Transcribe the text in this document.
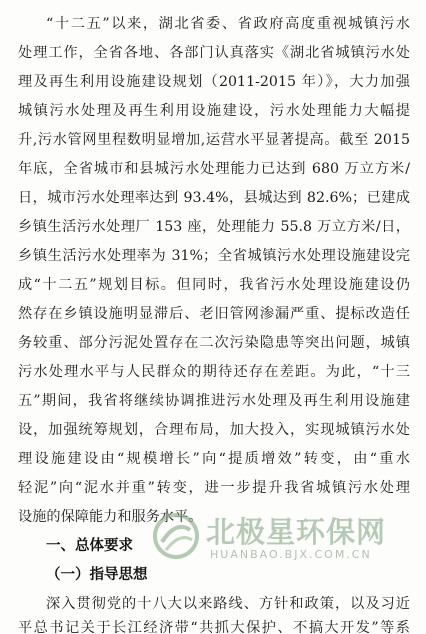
“十二五”以来，湖北省委、省政府高度重视城镇污水
处理工作，全省各地、各部门认真落实《湖北省城镇污水处
理及再生利用设施建设规划（2011-2015 年）》，大力加强
城镇污水处理及再生利用设施建设，污水处理能力大幅提
升,污水管网里程数明显增加,运营水平显著提高。截至 2015
年底，全省城市和县城污水处理能力已达到 680 万立方米/
日，城市污水处理率达到 93.4%，县城达到 82.6%；已建成
乡镇生活污水处理厂 153 座，处理能力 55.8 万立方米/日，
乡镇生活污水处理率为 31%；全省城镇污水处理设施建设完
成“十二五”规划目标。但同时，我省污水处理设施建设仍
然存在乡镇设施明显滞后、老旧管网渗漏严重、提标改造任
务较重、部分污泥处置存在二次污染隐患等突出问题，城镇
污水处理水平与人民群众的期待还存在差距。为此，“十三
五”期间，我省将继续协调推进污水处理及再生利用设施建
设，加强统筹规划，合理布局，加大投入，实现城镇污水处
理设施建设由“规模增长”向“提质增效”转变，由“重水
轻泥”向“泥水并重”转变，进一步提升我省城镇污水处理
设施的保障能力和服务水平。
一、总体要求
（一）指导思想
深入贯彻党的十八大以来路线、方针和政策，以及习近
平总书记关于长江经济带“共抓大保护、不搞大开发”等系
北极星环保网
HUANBAO.BJX.COM.CN
